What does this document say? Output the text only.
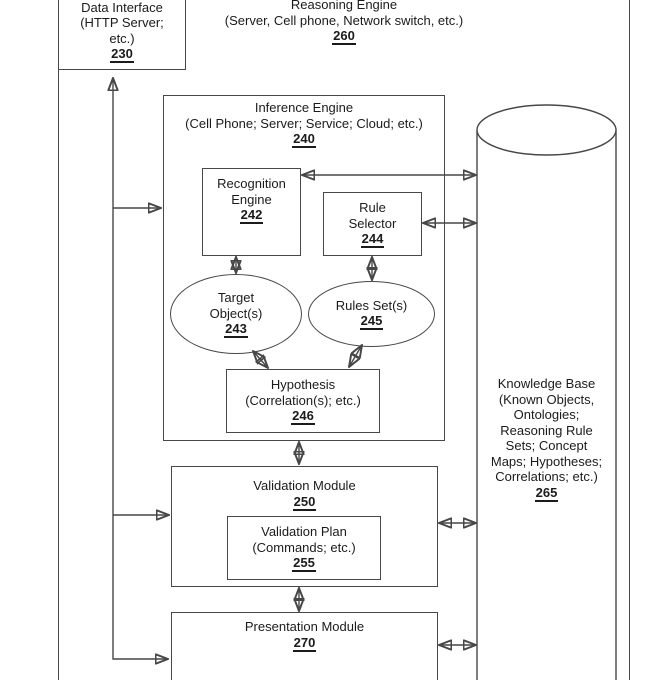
Reasoning Engine
(Server, Cell phone, Network switch, etc.)
260
Data Interface
(HTTP Server;
etc.)
230
Inference Engine
(Cell Phone; Server; Service; Cloud; etc.)
240
Recognition
Engine
242	Rule
Selector
244
Target
Object(s)
243
Rules Set(s)
245
Hypothesis
(Correlation(s); etc.)
246
Validation Module
250
Validation Plan
(Commands; etc.)
255
Presentation Module
270
Knowledge Base
(Known Objects,
Ontologies;
Reasoning Rule
Sets; Concept
Maps; Hypotheses;
Correlations; etc.)
265
